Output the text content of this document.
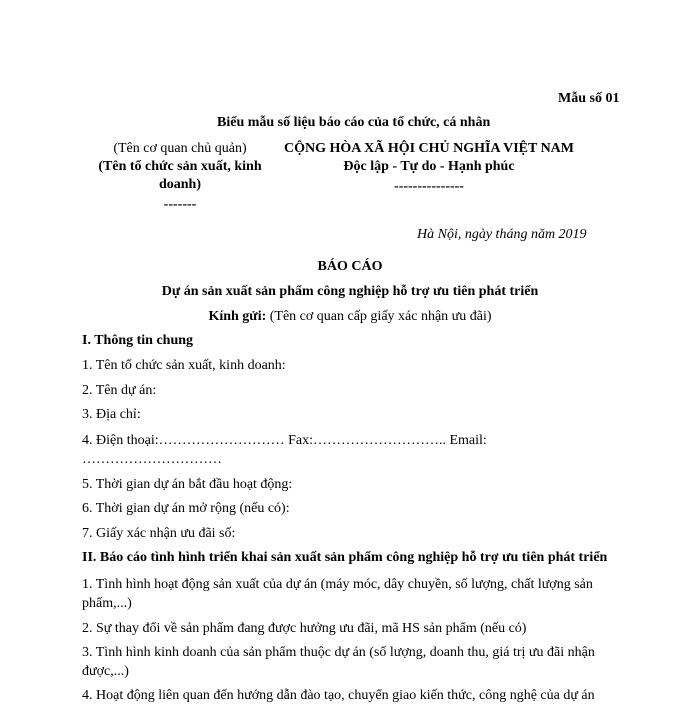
Mẫu số 01
Biểu mẫu số liệu báo cáo của tổ chức, cá nhân
(Tên cơ quan chủ quản)
(Tên tổ chức sản xuất, kinh
doanh)
-------
CỘNG HÒA XÃ HỘI CHỦ NGHĨA VIỆT NAM
Độc lập - Tự do - Hạnh phúc
---------------
Hà Nội, ngày tháng năm 2019
BÁO CÁO
Dự án sản xuất sản phẩm công nghiệp hỗ trợ ưu tiên phát triển
Kính gửi: (Tên cơ quan cấp giấy xác nhận ưu đãi)
I. Thông tin chung
1. Tên tổ chức sản xuất, kinh doanh:
2. Tên dự án:
3. Địa chỉ:
4. Điện thoại:……………………… Fax:……………………….. Email:
…………………………
5. Thời gian dự án bắt đầu hoạt động:
6. Thời gian dự án mở rộng (nếu có):
7. Giấy xác nhận ưu đãi số:
II. Báo cáo tình hình triển khai sản xuất sản phẩm công nghiệp hỗ trợ ưu tiên phát triển
1. Tình hình hoạt động sản xuất của dự án (máy móc, dây chuyền, số lượng, chất lượng sản
phẩm,...)
2. Sự thay đổi về sản phẩm đang được hưởng ưu đãi, mã HS sản phẩm (nếu có)
3. Tình hình kinh doanh của sản phẩm thuộc dự án (số lượng, doanh thu, giá trị ưu đãi nhận
được,...)
4. Hoạt động liên quan đến hướng dẫn đào tạo, chuyển giao kiến thức, công nghệ của dự án
